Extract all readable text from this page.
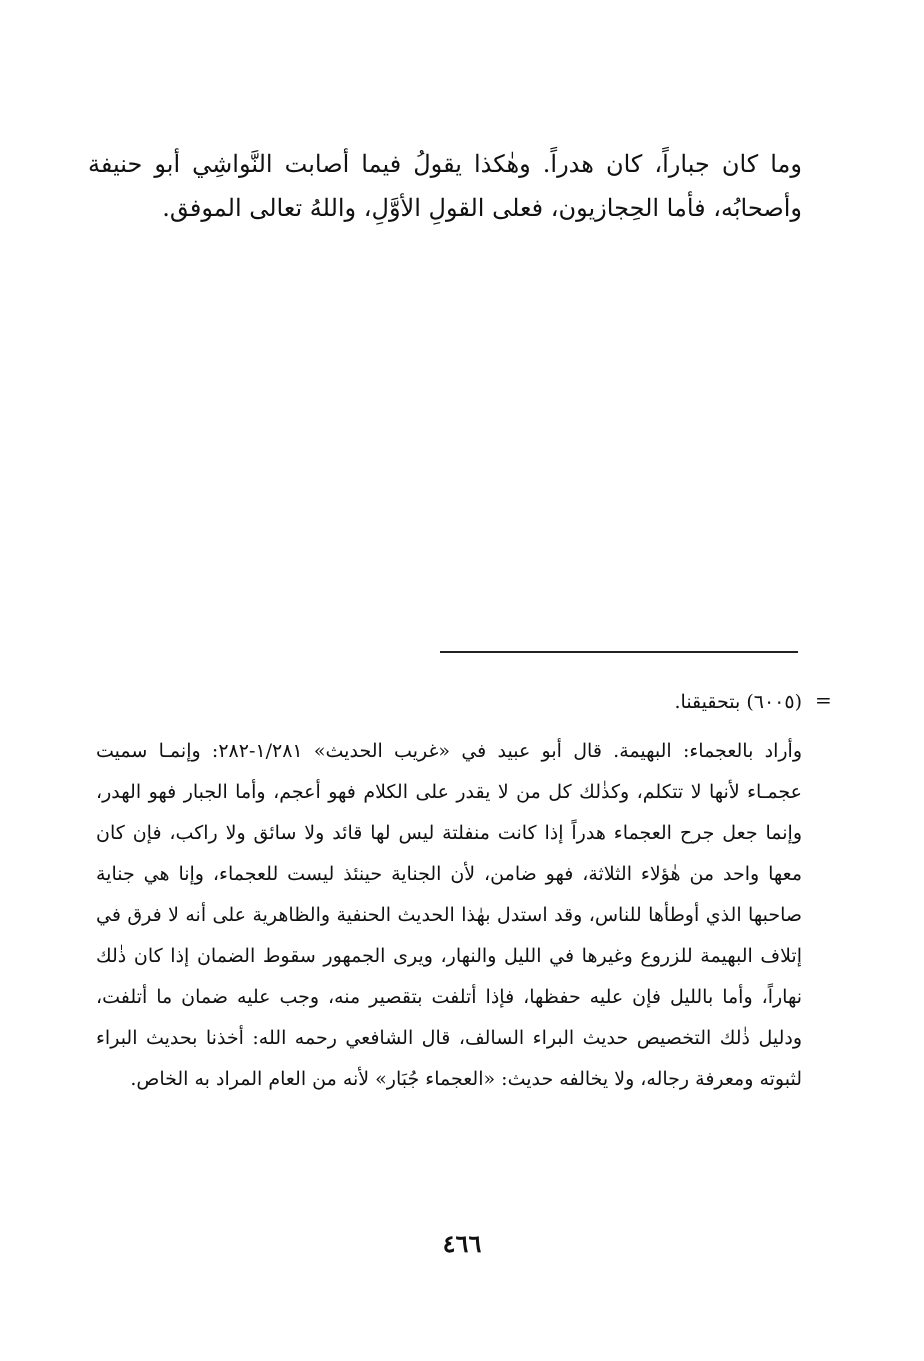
وما كان جباراً، كان هدراً. وهٰكذا يقولُ فيما أصابت النَّواشِي أبو حنيفة وأصحابُه، فأما الحِجازيون، فعلى القولِ الأوَّلِ، واللهُ تعالى الموفق.

=
(٦٠٠٥) بتحقيقنا.

وأراد بالعجماء: البهيمة. قال أبو عبيد في «غريب الحديث» ١/٢٨١-٢٨٢: وإنمـا سميت عجمـاء لأنها لا تتكلم، وكذٰلك كل من لا يقدر على الكلام فهو أعجم، وأما الجبار فهو الهدر، وإنما جعل جرح العجماء هدراً إذا كانت منفلتة ليس لها قائد ولا سائق ولا راكب، فإن كان معها واحد من هٰؤلاء الثلاثة، فهو ضامن، لأن الجناية حينئذ ليست للعجماء، وإنا هي جناية صاحبها الذي أوطأها للناس، وقد استدل بهٰذا الحديث الحنفية والظاهرية على أنه لا فرق في إتلاف البهيمة للزروع وغيرها في الليل والنهار، ويرى الجمهور سقوط الضمان إذا كان ذٰلك نهاراً، وأما بالليل فإن عليه حفظها، فإذا أتلفت بتقصير منه، وجب عليه ضمان ما أتلفت، ودليل ذٰلك التخصيص حديث البراء السالف، قال الشافعي رحمه الله: أخذنا بحديث البراء لثبوته ومعرفة رجاله، ولا يخالفه حديث: «العجماء جُبَار» لأنه من العام المراد به الخاص.

٤٦٦
